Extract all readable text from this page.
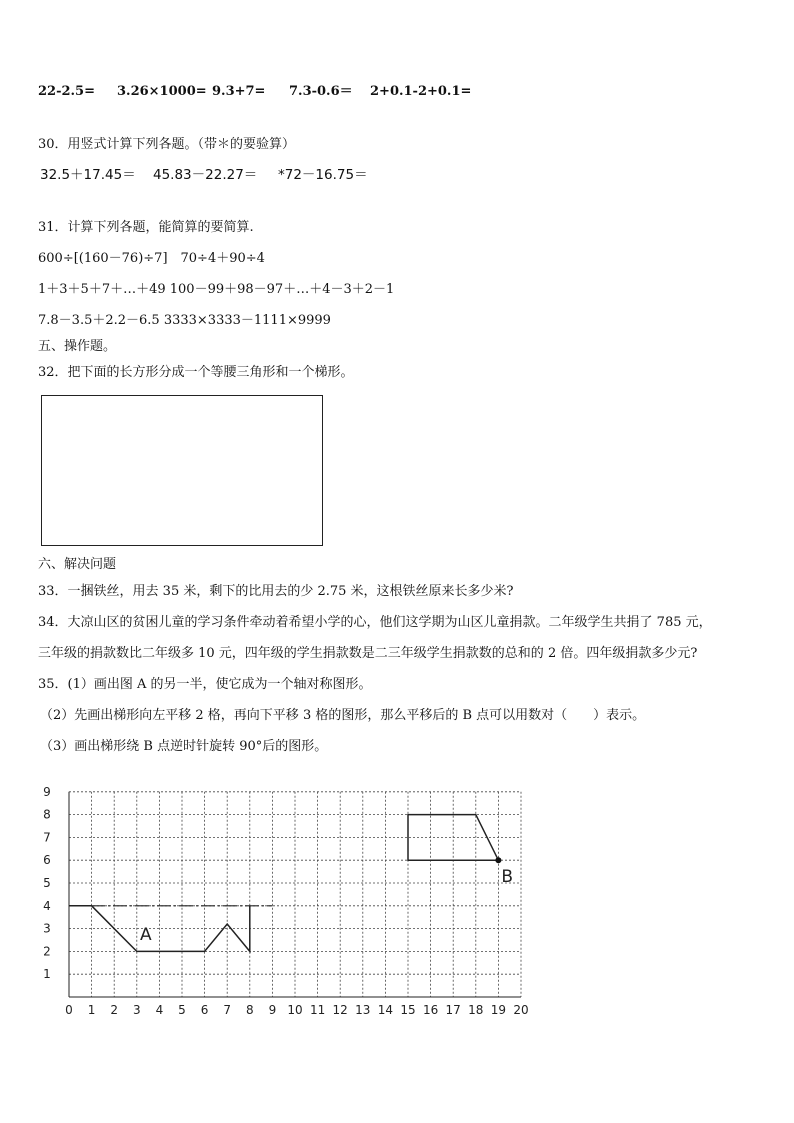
22-2.5= 3.26×1000= 9.3+7= 7.3-0.6＝ 2+0.1-2+0.1=
30．用竖式计算下列各题。（带＊的要验算）
32.5＋17.45＝ 45.83－22.27＝ *72－16.75＝
31．计算下列各题，能简算的要简算.
600÷[(160－76)÷7]　70÷4＋90÷4
1＋3＋5＋7＋…＋49 100－99＋98－97＋…＋4－3＋2－1
7.8－3.5＋2.2－6.5 3333×3333－1111×9999
五、操作题。
32．把下面的长方形分成一个等腰三角形和一个梯形。
六、解决问题
33．一捆铁丝，用去 35 米，剩下的比用去的少 2.75 米，这根铁丝原来长多少米?
34．大凉山区的贫困儿童的学习条件牵动着希望小学的心，他们这学期为山区儿童捐款。二年级学生共捐了 785 元，
三年级的捐款数比二年级多 10 元，四年级的学生捐款数是二三年级学生捐款数的总和的 2 倍。四年级捐款多少元?
35．(1）画出图 A 的另一半，使它成为一个轴对称图形。
（2）先画出梯形向左平移 2 格，再向下平移 3 格的图形，那么平移后的 B 点可以用数对（　　）表示。
（3）画出梯形绕 B 点逆时针旋转 90°后的图形。
0 1 2 3 4 5 6 7 8 9 10 11 12 13 14 15 16 17 18 19 20
1
2
3
4
5
6
7
8
9
A
B
